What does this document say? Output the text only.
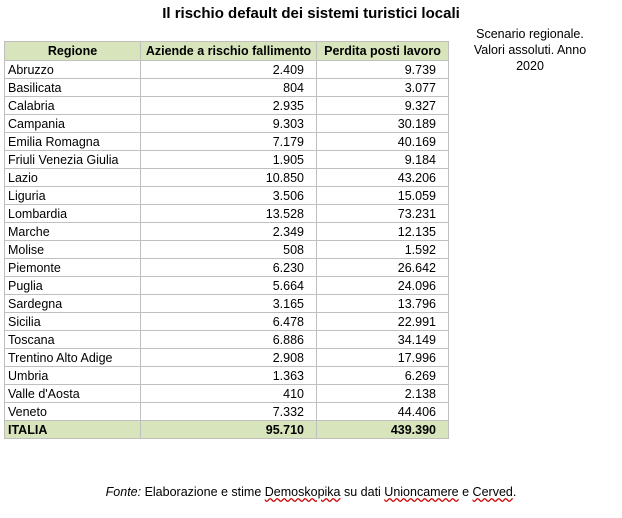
Il rischio default dei sistemi turistici locali
Scenario regionale. Valori assoluti. Anno 2020
Regione	Aziende a rischio fallimento	Perdita posti lavoro
Abruzzo	2.409	9.739
Basilicata	804	3.077
Calabria	2.935	9.327
Campania	9.303	30.189
Emilia Romagna	7.179	40.169
Friuli Venezia Giulia	1.905	9.184
Lazio	10.850	43.206
Liguria	3.506	15.059
Lombardia	13.528	73.231
Marche	2.349	12.135
Molise	508	1.592
Piemonte	6.230	26.642
Puglia	5.664	24.096
Sardegna	3.165	13.796
Sicilia	6.478	22.991
Toscana	6.886	34.149
Trentino Alto Adige	2.908	17.996
Umbria	1.363	6.269
Valle d'Aosta	410	2.138
Veneto	7.332	44.406
ITALIA	95.710	439.390
Fonte: Elaborazione e stime Demoskopika su dati Unioncamere e Cerved.
